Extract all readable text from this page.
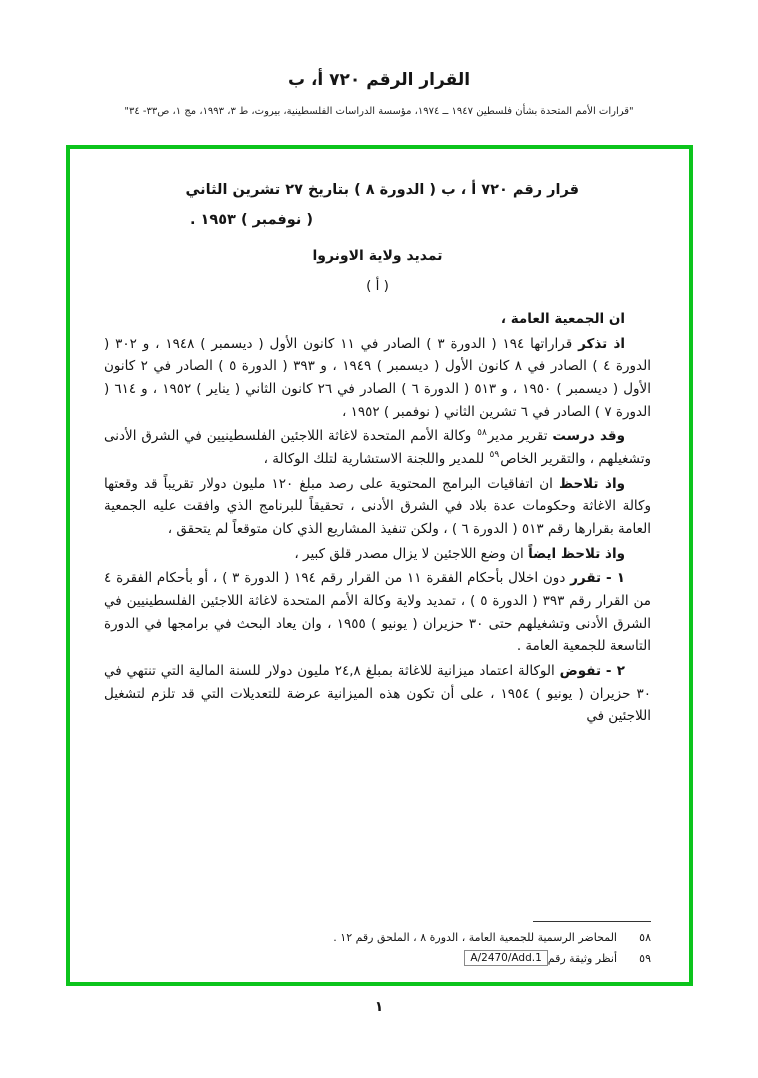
القرار الرقم ٧٢٠ أ، ب
"قرارات الأمم المتحدة بشأن فلسطين ١٩٤٧ ــ ١٩٧٤، مؤسسة الدراسات الفلسطينية، بيروت، ط ٣، ١٩٩٣، مج ١، ص٣٣- ٣٤"
قرار رقم ٧٢٠ أ ، ب ( الدورة ٨ ) بتاريخ ٢٧ تشرين الثاني
( نوفمبر ) ١٩٥٣ .
تمديد ولاية الاونروا
( أ )

ان الجمعية العامة ،

اذ تذكر قراراتها ١٩٤ ( الدورة ٣ ) الصادر في ١١ كانون الأول ( ديسمبر ) ١٩٤٨ ، و ٣٠٢ ( الدورة ٤ ) الصادر في ٨ كانون الأول ( ديسمبر ) ١٩٤٩ ، و ٣٩٣ ( الدورة ٥ ) الصادر في ٢ كانون الأول ( ديسمبر ) ١٩٥٠ ، و ٥١٣ ( الدورة ٦ ) الصادر في ٢٦ كانون الثاني ( يناير ) ١٩٥٢ ، و ٦١٤ ( الدورة ٧ ) الصادر في ٦ تشرين الثاني ( نوفمبر ) ١٩٥٢ ،

وقد درست تقرير مدير$^{٥٨}$ وكالة الأمم المتحدة لاغاثة اللاجئين الفلسطينيين في الشرق الأدنى وتشغيلهم ، والتقرير الخاص$^{٥٩}$ للمدير واللجنة الاستشارية لتلك الوكالة ،

واذ تلاحظ ان اتفاقيات البرامج المحتوية على رصد مبلغ ١٢٠ مليون دولار تقريباً قد وقعتها وكالة الاغاثة وحكومات عدة بلاد في الشرق الأدنى ، تحقيقاً للبرنامج الذي وافقت عليه الجمعية العامة بقرارها رقم ٥١٣ ( الدورة ٦ ) ، ولكن تنفيذ المشاريع الذي كان متوقعاً لم يتحقق ،

واذ تلاحظ ايضاً ان وضع اللاجئين لا يزال مصدر قلق كبير ،

١ - تقرر دون اخلال بأحكام الفقرة ١١ من القرار رقم ١٩٤ ( الدورة ٣ ) ، أو بأحكام الفقرة ٤ من القرار رقم ٣٩٣ ( الدورة ٥ ) ، تمديد ولاية وكالة الأمم المتحدة لاغاثة اللاجئين الفلسطينيين في الشرق الأدنى وتشغيلهم حتى ٣٠ حزيران ( يونيو ) ١٩٥٥ ، وان يعاد البحث في برامجها في الدورة التاسعة للجمعية العامة .

٢ - تفوض الوكالة اعتماد ميزانية للاغاثة بمبلغ ٢٤,٨ مليون دولار للسنة المالية التي تنتهي في ٣٠ حزيران ( يونيو ) ١٩٥٤ ، على أن تكون هذه الميزانية عرضة للتعديلات التي قد تلزم لتشغيل اللاجئين في

٥٨
المحاضر الرسمية للجمعية العامة ، الدورة ٨ ، الملحق رقم ١٢ .
٥٩
أنظر وثيقة رقم
A/2470/Add.1
١
